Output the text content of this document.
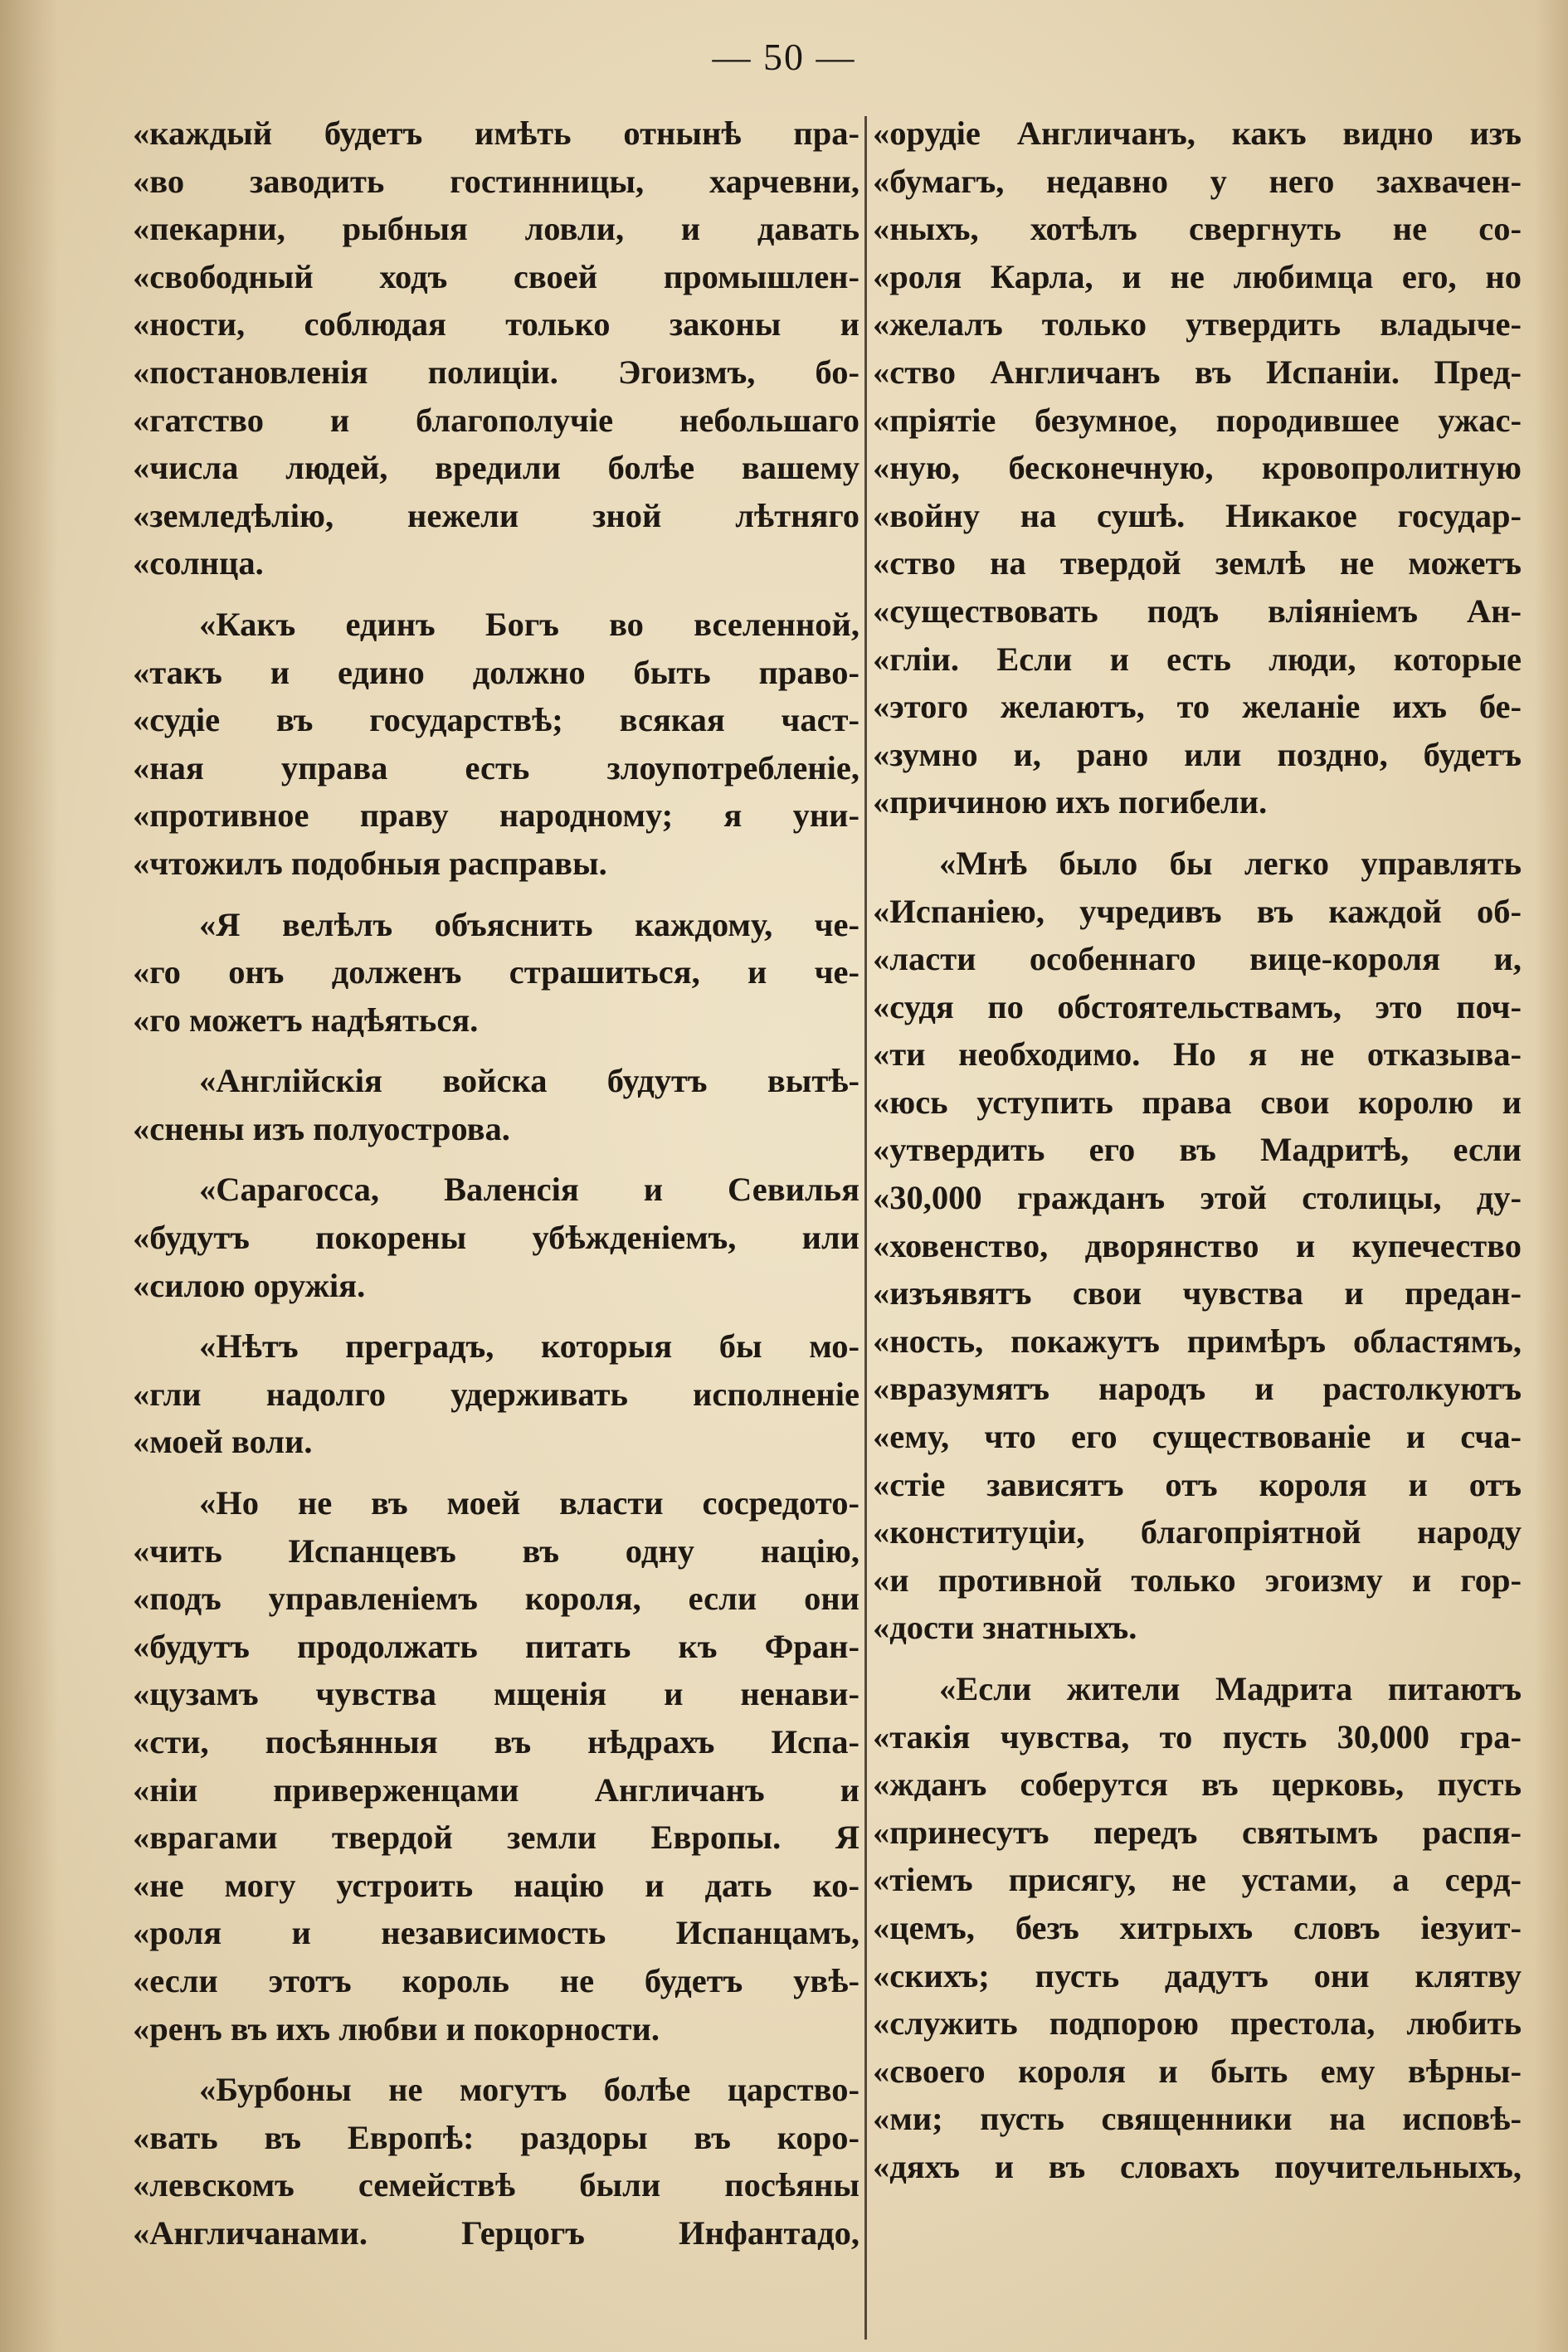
— 50 —
«каждый будетъ имѣть отнынѣ пра-
«во заводить гостинницы, харчевни,
«пекарни, рыбныя ловли, и давать
«свободный ходъ своей промышлен-
«ности, соблюдая только законы и
«постановленія полиціи. Эгоизмъ, бо-
«гатство и благополучіе небольшаго
«числа людей, вредили болѣе вашему
«земледѣлію, нежели зной лѣтняго
«солнца.
«Какъ единъ Богъ во вселенной,
«такъ и едино должно быть право-
«судіе въ государствѣ; всякая част-
«ная управа есть злоупотребленіе,
«противное праву народному; я уни-
«чтожилъ подобныя расправы.
«Я велѣлъ объяснить каждому, че-
«го онъ долженъ страшиться, и че-
«го можетъ надѣяться.
«Англійскія войска будутъ вытѣ-
«снены изъ полуострова.
«Сарагосса, Валенсія и Севилья
«будутъ покорены убѣжденіемъ, или
«силою оружія.
«Нѣтъ преградъ, которыя бы мо-
«гли надолго удерживать исполненіе
«моей воли.
«Но не въ моей власти сосредото-
«чить Испанцевъ въ одну націю,
«подъ управленіемъ короля, если они
«будутъ продолжать питать къ Фран-
«цузамъ чувства мщенія и ненави-
«сти, посѣянныя въ нѣдрахъ Испа-
«ніи приверженцами Англичанъ и
«врагами твердой земли Европы. Я
«не могу устроить націю и дать ко-
«роля и независимость Испанцамъ,
«если этотъ король не будетъ увѣ-
«ренъ въ ихъ любви и покорности.
«Бурбоны не могутъ болѣе царство-
«вать въ Европѣ: раздоры въ коро-
«левскомъ семействѣ были посѣяны
«Англичанами. Герцогъ Инфантадо,
«орудіе Англичанъ, какъ видно изъ
«бумагъ, недавно у него захвачен-
«ныхъ, хотѣлъ свергнуть не со-
«роля Карла, и не любимца его, но
«желалъ только утвердить владыче-
«ство Англичанъ въ Испаніи. Пред-
«пріятіе безумное, породившее ужас-
«ную, бесконечную, кровопролитную
«войну на сушѣ. Никакое государ-
«ство на твердой землѣ не можетъ
«существовать подъ вліяніемъ Ан-
«гліи. Если и есть люди, которые
«этого желаютъ, то желаніе ихъ бе-
«зумно и, рано или поздно, будетъ
«причиною ихъ погибели.
«Мнѣ было бы легко управлять
«Испаніею, учредивъ въ каждой об-
«ласти особеннаго вице-короля и,
«судя по обстоятельствамъ, это поч-
«ти необходимо. Но я не отказыва-
«юсь уступить права свои королю и
«утвердить его въ Мадритѣ, если
«30,000 гражданъ этой столицы, ду-
«ховенство, дворянство и купечество
«изъявятъ свои чувства и предан-
«ность, покажутъ примѣръ областямъ,
«вразумятъ народъ и растолкуютъ
«ему, что его существованіе и сча-
«стіе зависятъ отъ короля и отъ
«конституціи, благопріятной народу
«и противной только эгоизму и гор-
«дости знатныхъ.
«Если жители Мадрита питаютъ
«такія чувства, то пусть 30,000 гра-
«жданъ соберутся въ церковь, пусть
«принесутъ передъ святымъ распя-
«тіемъ присягу, не устами, а серд-
«цемъ, безъ хитрыхъ словъ іезуит-
«скихъ; пусть дадутъ они клятву
«служить подпорою престола, любить
«своего короля и быть ему вѣрны-
«ми; пусть священники на исповѣ-
«дяхъ и въ словахъ поучительныхъ,
